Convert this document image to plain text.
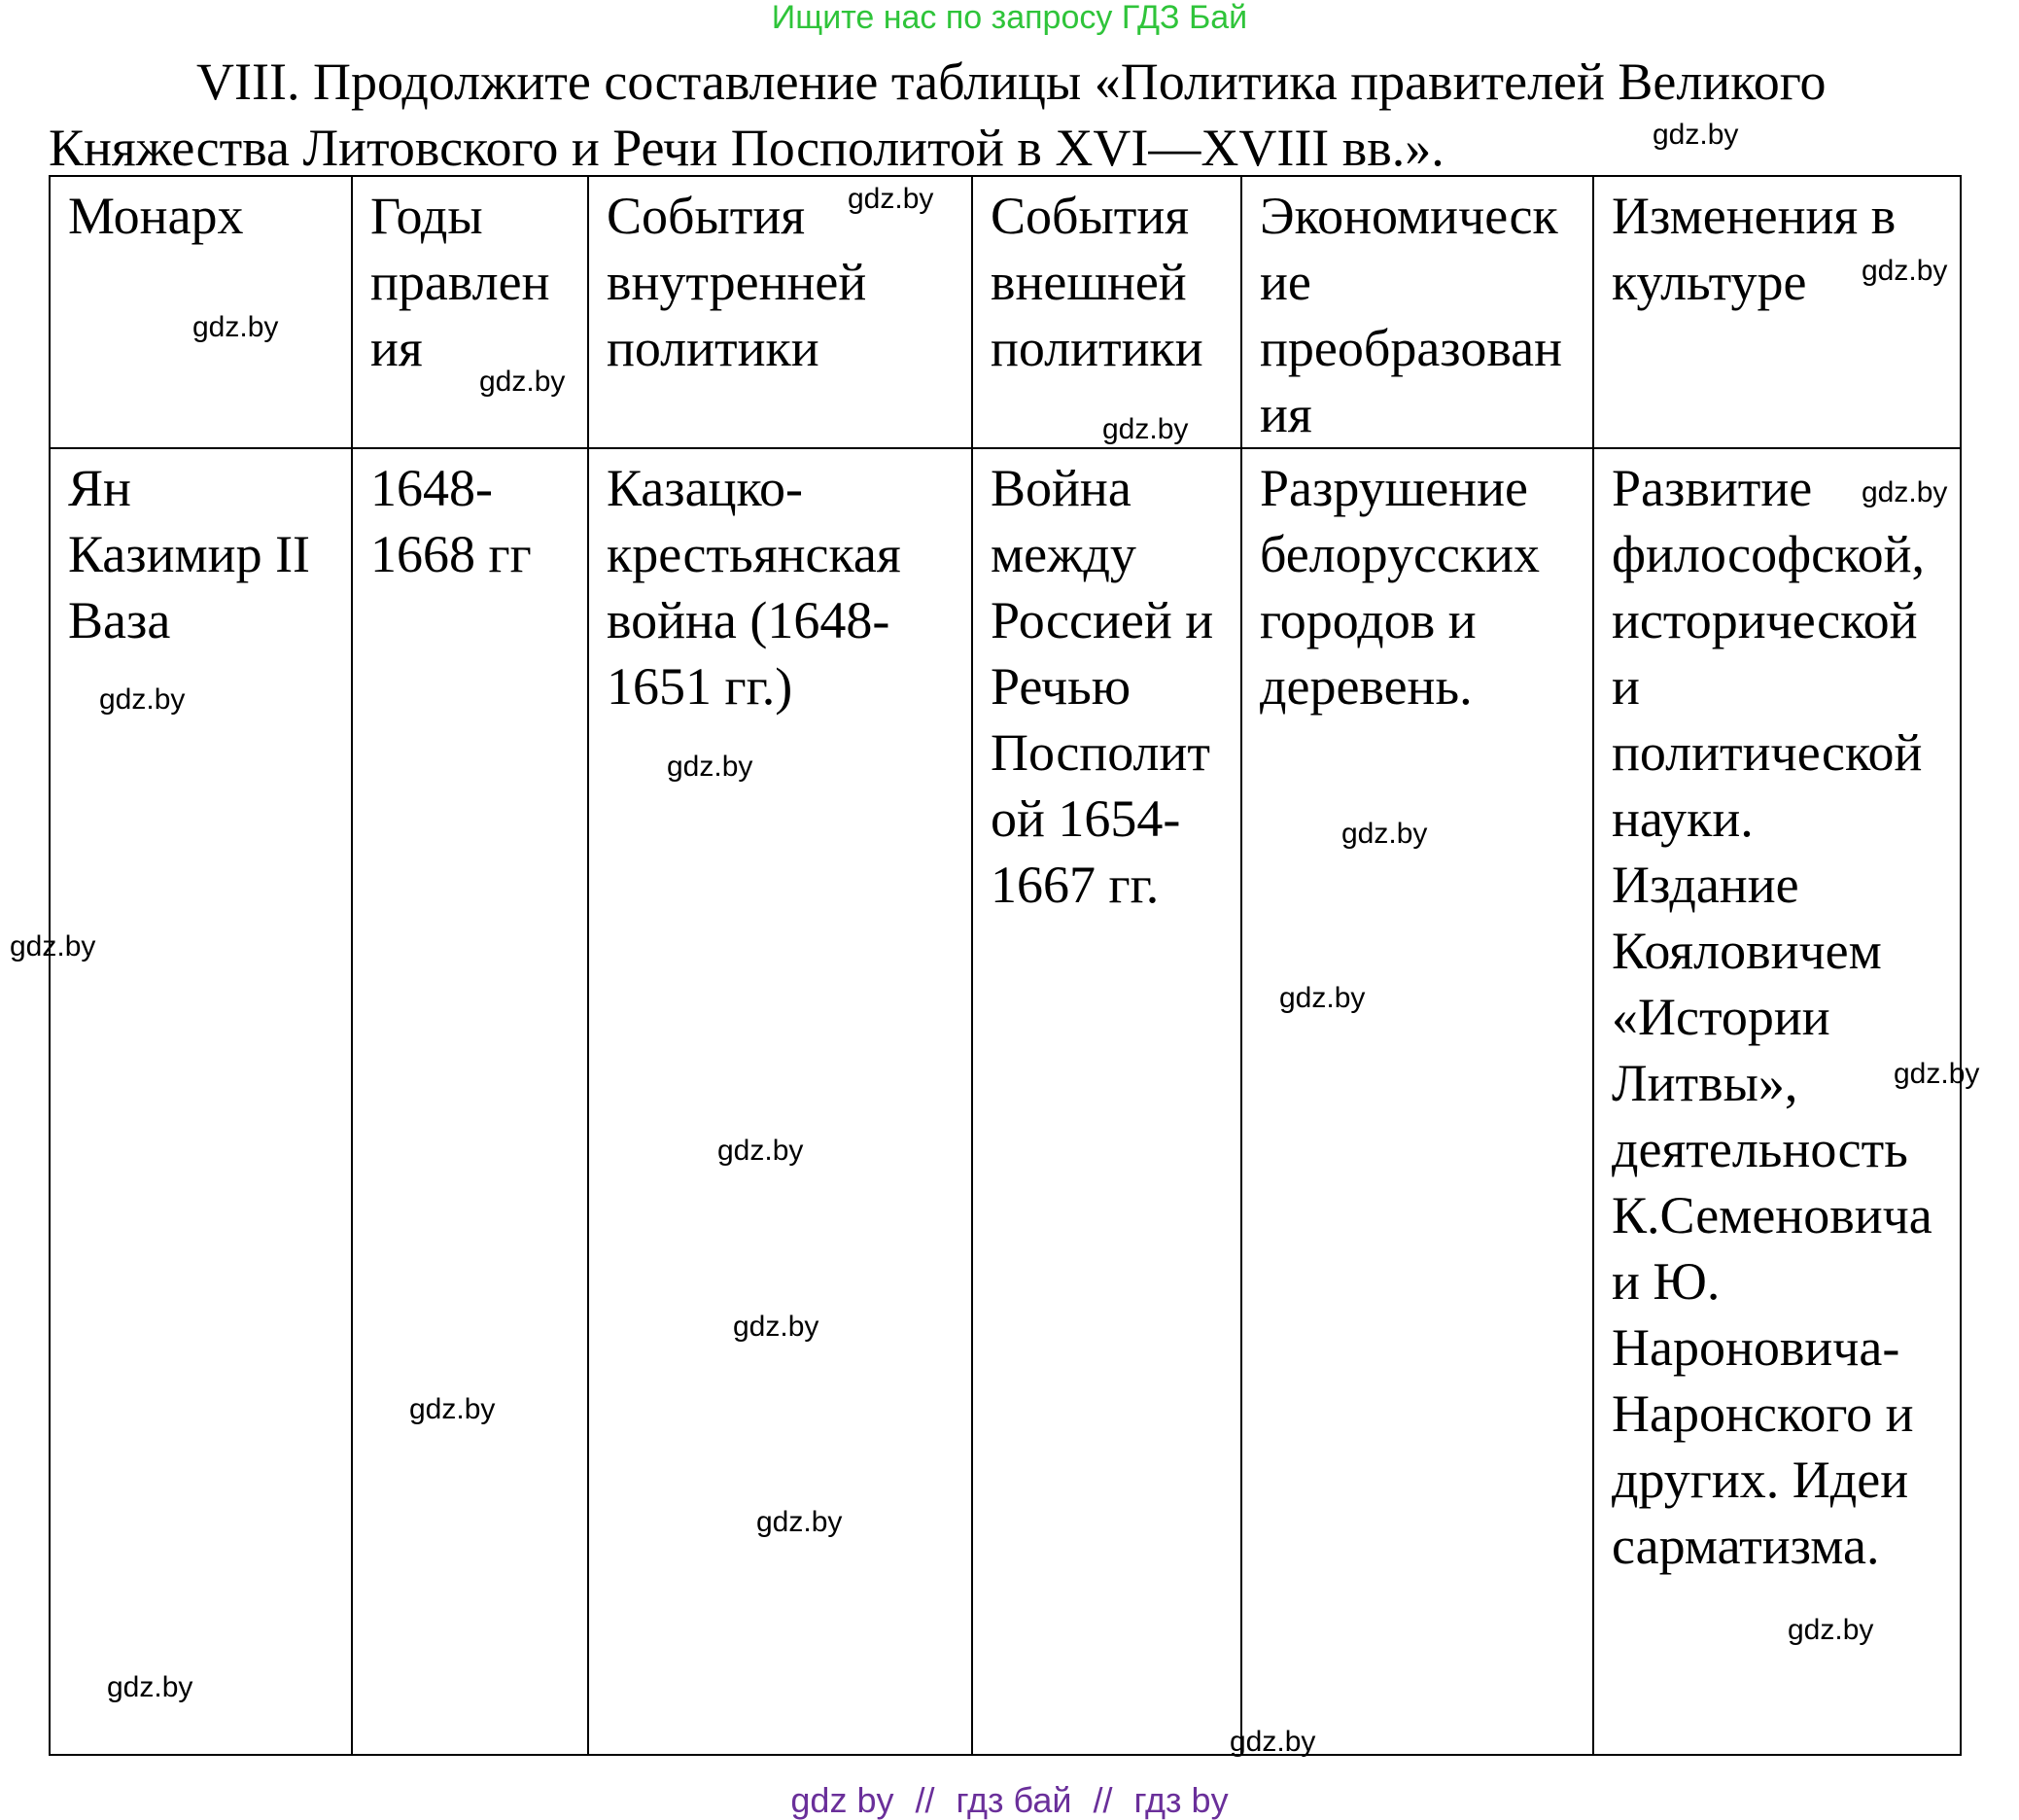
Ищите нас по запросу ГДЗ Бай

VIII. Продолжите составление таблицы «Политика правителей Великого Княжества Литовского и Речи Посполитой в XVI—XVIII вв.».

Монарх	Годы правления	События внутренней политики	События внешней политики	Экономические преобразования	Изменения в культуре
Ян Казимир II Ваза	1648-1668 гг	Казацко-крестьянская война (1648-1651 гг.)	Война между Россией и Речью Посполитой 1654-1667 гг.	Разрушение белорусских городов и деревень.	Развитие философской, исторической и политической науки. Издание Кояловичем «Истории Литвы», деятельность К.Семеновича и Ю. Нароновича-Наронского и других. Идеи сарматизма.
gdz.by
gdz.by
gdz.by
gdz.by
gdz.by
gdz.by
gdz.by
gdz.by
gdz.by
gdz.by
gdz.by
gdz.by
gdz.by
gdz.by
gdz.by
gdz.by
gdz.by
gdz.by
gdz.by
gdz.by
gdz by // гдз бай // гдз by
